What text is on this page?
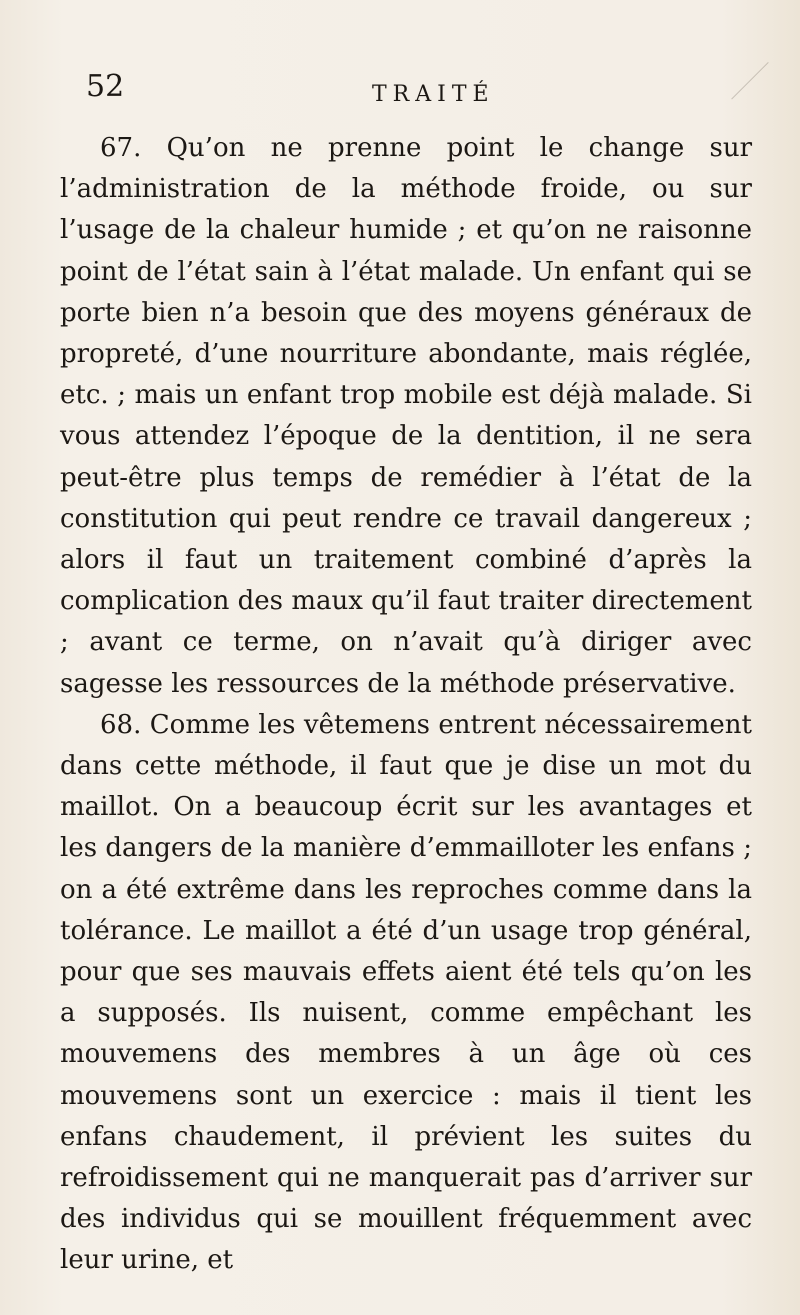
52	TRAITÉ

67. Qu’on ne prenne point le change sur l’administration de la méthode froide, ou sur l’usage de la chaleur humide ; et qu’on ne raisonne point de l’état sain à l’état malade. Un enfant qui se porte bien n’a besoin que des moyens généraux de propreté, d’une nourriture abondante, mais réglée, etc. ; mais un enfant trop mobile est déjà malade. Si vous attendez l’époque de la dentition, il ne sera peut-être plus temps de remédier à l’état de la constitution qui peut rendre ce travail dangereux ; alors il faut un traitement combiné d’après la complication des maux qu’il faut traiter directement ; avant ce terme, on n’avait qu’à diriger avec sagesse les ressources de la méthode préservative.

68. Comme les vêtemens entrent nécessairement dans cette méthode, il faut que je dise un mot du maillot. On a beaucoup écrit sur les avantages et les dangers de la manière d’emmailloter les enfans ; on a été extrême dans les reproches comme dans la tolérance. Le maillot a été d’un usage trop général, pour que ses mauvais effets aient été tels qu’on les a supposés. Ils nuisent, comme empêchant les mouvemens des membres à un âge où ces mouvemens sont un exercice : mais il tient les enfans chaudement, il prévient les suites du refroidissement qui ne manquerait pas d’arriver sur des individus qui se mouillent fréquemment avec leur urine, et
